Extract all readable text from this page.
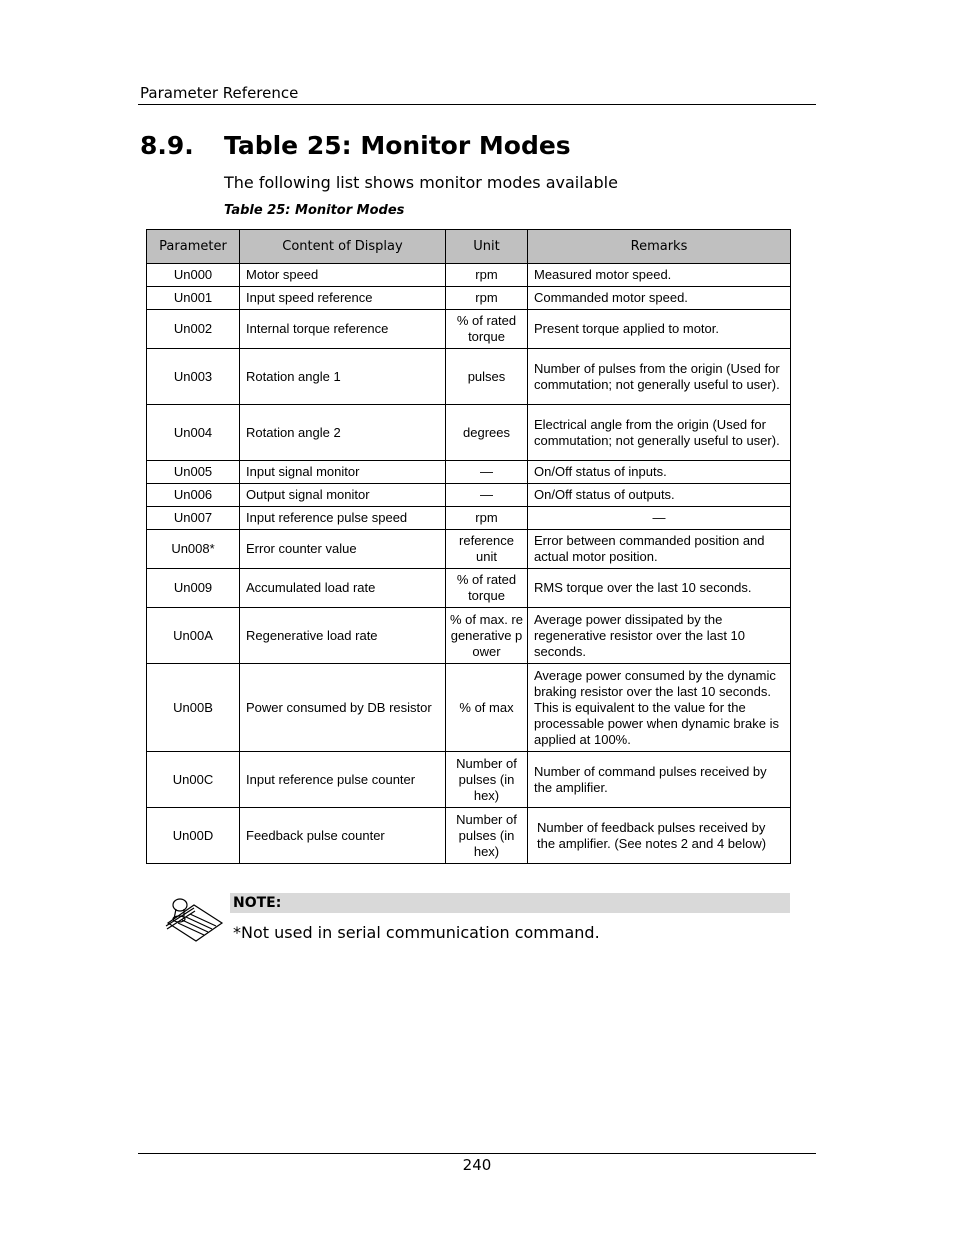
Parameter Reference
8.9. Table 25: Monitor Modes
The following list shows monitor modes available
Table 25: Monitor Modes
Parameter	Content of Display	Unit	Remarks
Un000	Motor speed	rpm	Measured motor speed.
Un001	Input speed reference	rpm	Commanded motor speed.
Un002	Internal torque reference	% of rated torque	Present torque applied to motor.
Un003	Rotation angle 1	pulses	Number of pulses from the origin (Used for commutation; not generally useful to user).
Un004	Rotation angle 2	degrees	Electrical angle from the origin (Used for commutation; not generally useful to user).
Un005	Input signal monitor	—	On/Off status of inputs.
Un006	Output signal monitor	—	On/Off status of outputs.
Un007	Input reference pulse speed	rpm	—
Un008*	Error counter value	reference unit	Error between commanded position and actual motor position.
Un009	Accumulated load rate	% of rated torque	RMS torque over the last 10 seconds.
Un00A	Regenerative load rate	% of max. regenerative power	Average power dissipated by the regenerative resistor over the last 10 seconds.
Un00B	Power consumed by DB resistor	% of max	Average power consumed by the dynamic braking resistor over the last 10 seconds. This is equivalent to the value for the processable power when dynamic brake is applied at 100%.
Un00C	Input reference pulse counter	Number of pulses (in hex)	Number of command pulses received by the amplifier.
Un00D	Feedback pulse counter	Number of pulses (in hex)	Number of feedback pulses received by the amplifier. (See notes 2 and 4 below)
NOTE:
*Not used in serial communication command.
240
